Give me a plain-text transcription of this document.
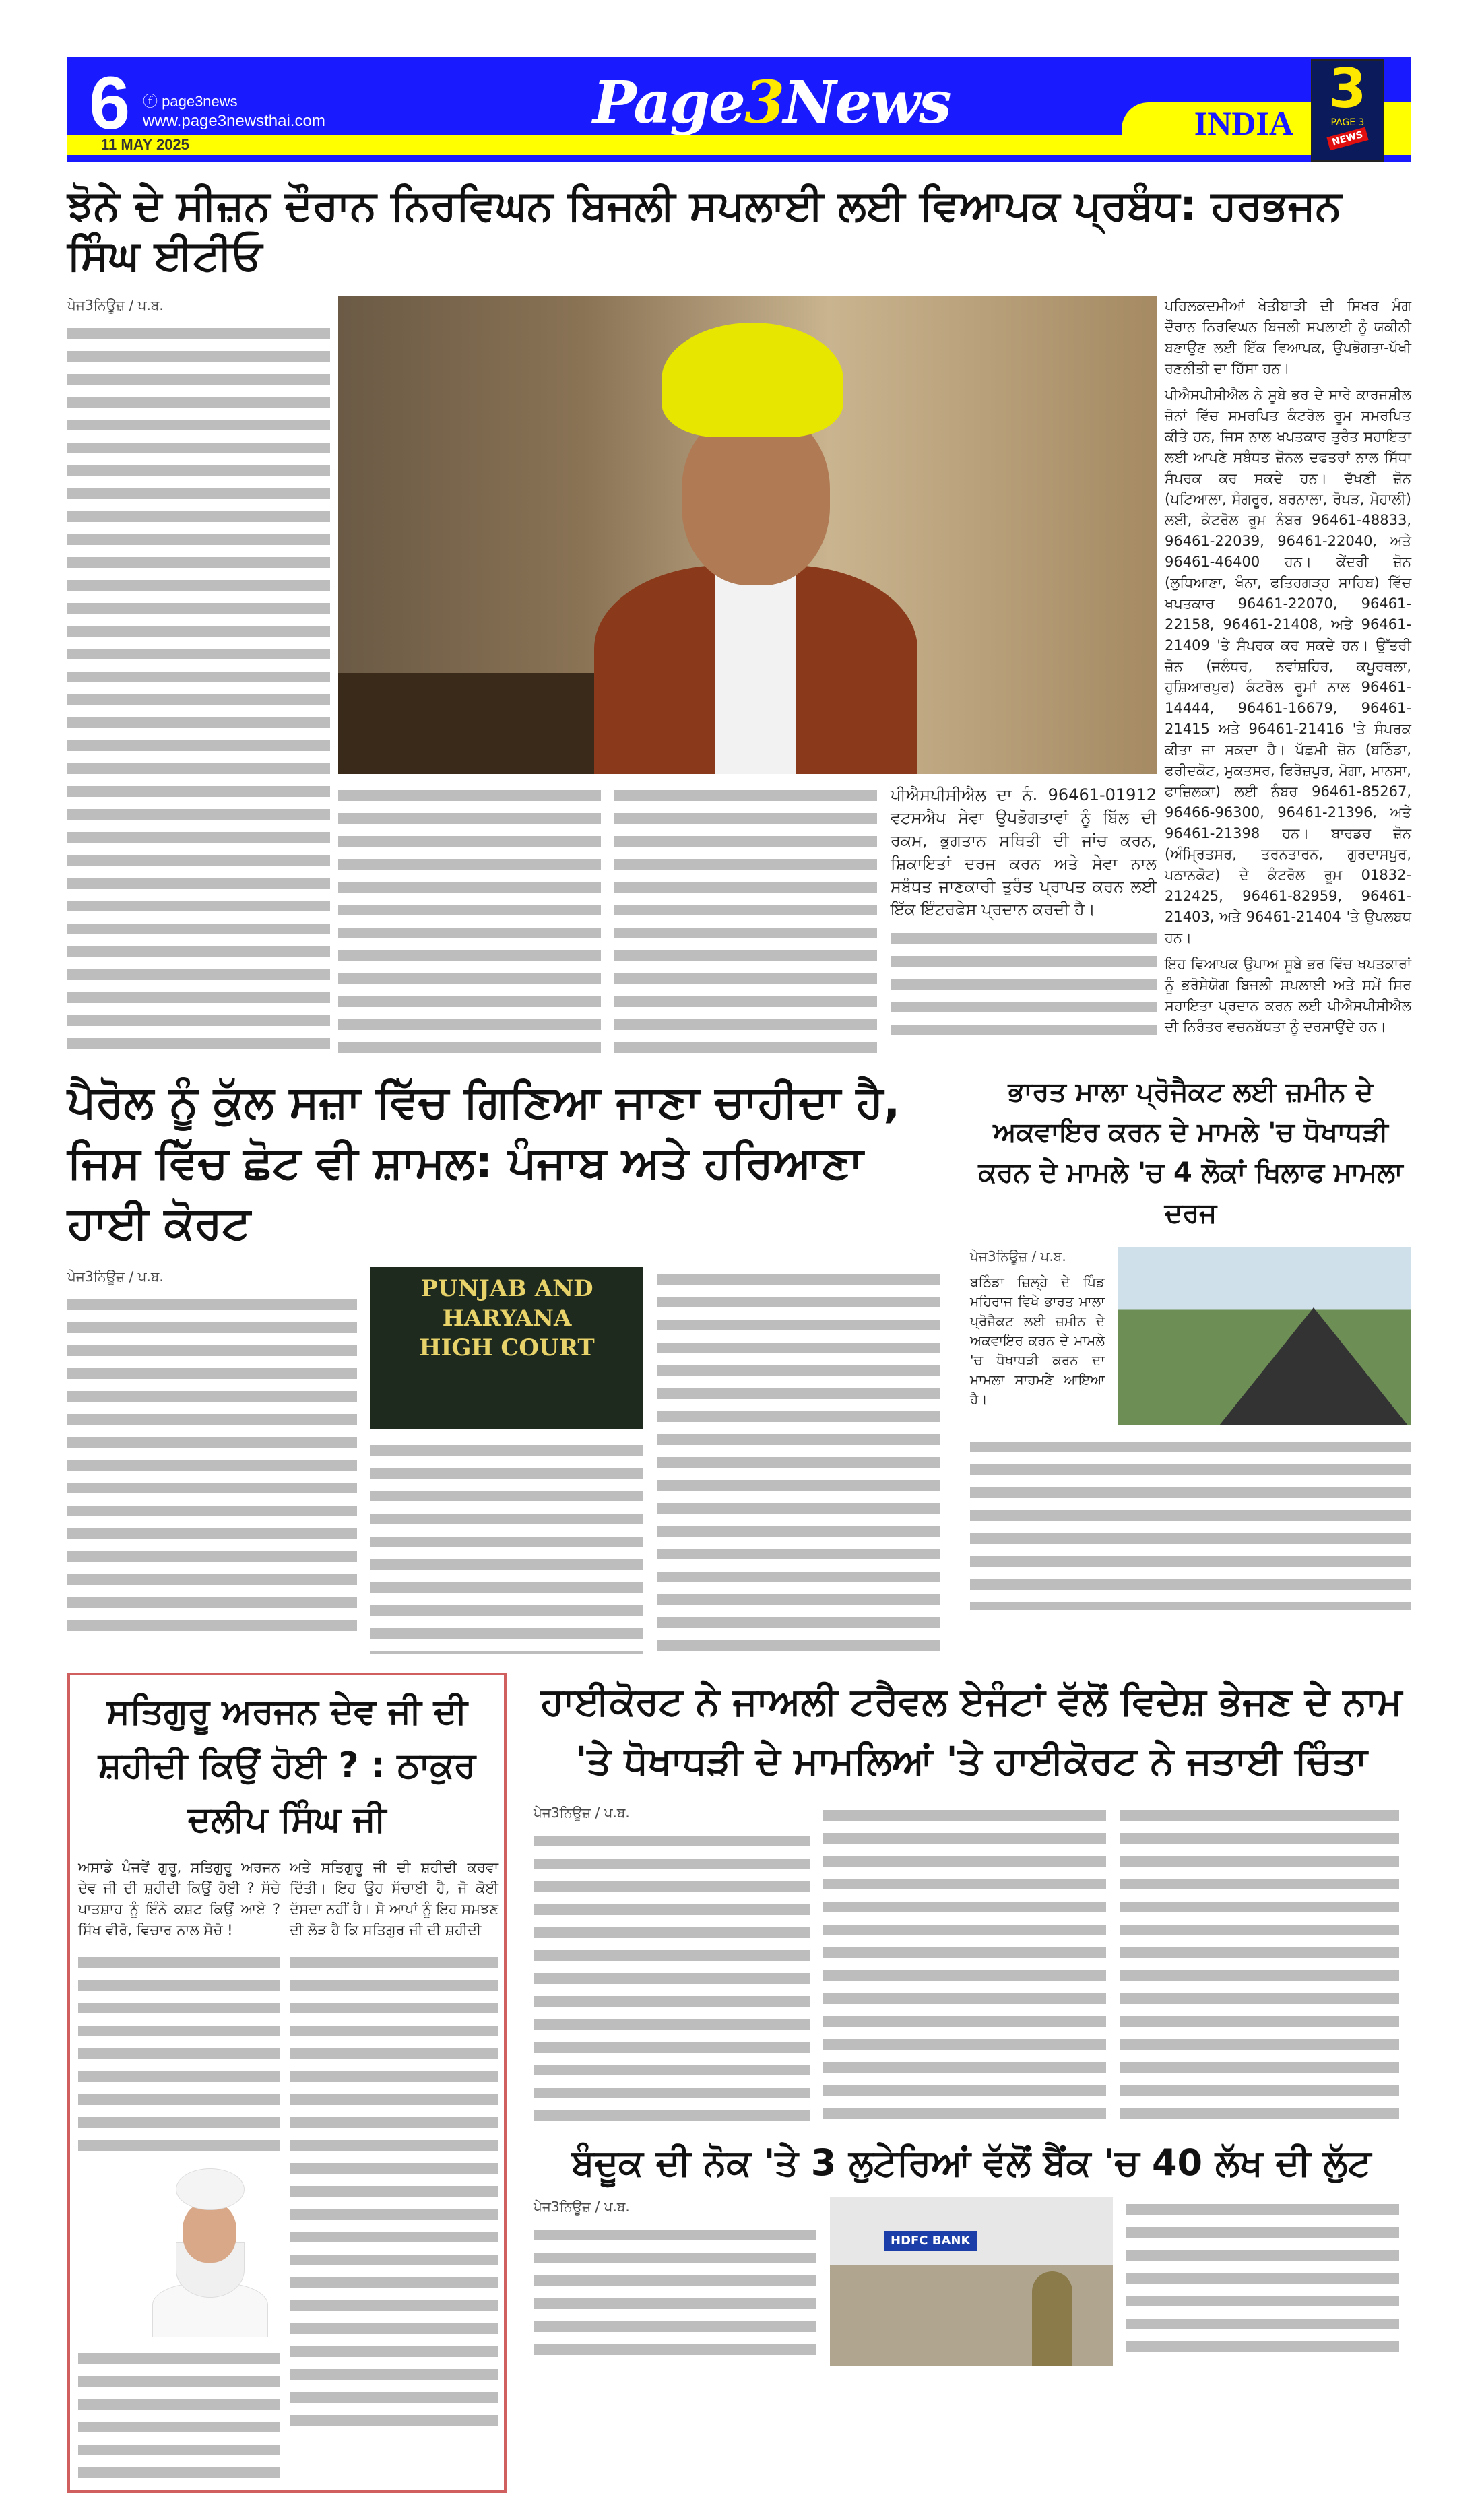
6 ⓕ page3news
www.page3newsthai.com
11 MAY 2025
Page3News	INDIA
3
PAGE 3
NEWS
ਝੋਨੇ ਦੇ ਸੀਜ਼ਨ ਦੌਰਾਨ ਨਿਰਵਿਘਨ ਬਿਜਲੀ ਸਪਲਾਈ ਲਈ ਵਿਆਪਕ ਪ੍ਰਬੰਧ: ਹਰਭਜਨ ਸਿੰਘ ਈਟੀਓ
ਪੇਜ3ਨਿਊਜ਼ / ਪ.ਬ.

ਪੀਐਸਪੀਸੀਐਲ ਦਾ ਨੰ. 96461-01912 ਵਟਸਐਪ ਸੇਵਾ ਉਪਭੋਗਤਾਵਾਂ ਨੂੰ ਬਿੱਲ ਦੀ ਰਕਮ, ਭੁਗਤਾਨ ਸਥਿਤੀ ਦੀ ਜਾਂਚ ਕਰਨ, ਸ਼ਿਕਾਇਤਾਂ ਦਰਜ ਕਰਨ ਅਤੇ ਸੇਵਾ ਨਾਲ ਸਬੰਧਤ ਜਾਣਕਾਰੀ ਤੁਰੰਤ ਪ੍ਰਾਪਤ ਕਰਨ ਲਈ ਇੱਕ ਇੰਟਰਫੇਸ ਪ੍ਰਦਾਨ ਕਰਦੀ ਹੈ।

ਪਹਿਲਕਦਮੀਆਂ ਖੇਤੀਬਾੜੀ ਦੀ ਸਿਖਰ ਮੰਗ ਦੌਰਾਨ ਨਿਰਵਿਘਨ ਬਿਜਲੀ ਸਪਲਾਈ ਨੂੰ ਯਕੀਨੀ ਬਣਾਉਣ ਲਈ ਇੱਕ ਵਿਆਪਕ, ਉਪਭੋਗਤਾ-ਪੱਖੀ ਰਣਨੀਤੀ ਦਾ ਹਿੱਸਾ ਹਨ।

ਪੀਐਸਪੀਸੀਐਲ ਨੇ ਸੂਬੇ ਭਰ ਦੇ ਸਾਰੇ ਕਾਰਜਸ਼ੀਲ ਜ਼ੋਨਾਂ ਵਿੱਚ ਸਮਰਪਿਤ ਕੰਟਰੋਲ ਰੂਮ ਸਮਰਪਿਤ ਕੀਤੇ ਹਨ, ਜਿਸ ਨਾਲ ਖਪਤਕਾਰ ਤੁਰੰਤ ਸਹਾਇਤਾ ਲਈ ਆਪਣੇ ਸਬੰਧਤ ਜ਼ੋਨਲ ਦਫਤਰਾਂ ਨਾਲ ਸਿੱਧਾ ਸੰਪਰਕ ਕਰ ਸਕਦੇ ਹਨ। ਦੱਖਣੀ ਜ਼ੋਨ (ਪਟਿਆਲਾ, ਸੰਗਰੂਰ, ਬਰਨਾਲਾ, ਰੋਪੜ, ਮੋਹਾਲੀ) ਲਈ, ਕੰਟਰੋਲ ਰੂਮ ਨੰਬਰ 96461-48833, 96461-22039, 96461-22040, ਅਤੇ 96461-46400 ਹਨ। ਕੇਂਦਰੀ ਜ਼ੋਨ (ਲੁਧਿਆਣਾ, ਖੰਨਾ, ਫਤਿਹਗੜ੍ਹ ਸਾਹਿਬ) ਵਿੱਚ ਖਪਤਕਾਰ 96461-22070, 96461-22158, 96461-21408, ਅਤੇ 96461-21409 'ਤੇ ਸੰਪਰਕ ਕਰ ਸਕਦੇ ਹਨ। ਉੱਤਰੀ ਜ਼ੋਨ (ਜਲੰਧਰ, ਨਵਾਂਸ਼ਹਿਰ, ਕਪੂਰਥਲਾ, ਹੁਸ਼ਿਆਰਪੁਰ) ਕੰਟਰੋਲ ਰੂਮਾਂ ਨਾਲ 96461-14444, 96461-16679, 96461-21415 ਅਤੇ 96461-21416 'ਤੇ ਸੰਪਰਕ ਕੀਤਾ ਜਾ ਸਕਦਾ ਹੈ। ਪੱਛਮੀ ਜ਼ੋਨ (ਬਠਿੰਡਾ, ਫਰੀਦਕੋਟ, ਮੁਕਤਸਰ, ਫਿਰੋਜ਼ਪੁਰ, ਮੋਗਾ, ਮਾਨਸਾ, ਫਾਜ਼ਿਲਕਾ) ਲਈ ਨੰਬਰ 96461-85267, 96466-96300, 96461-21396, ਅਤੇ 96461-21398 ਹਨ। ਬਾਰਡਰ ਜ਼ੋਨ (ਅੰਮ੍ਰਿਤਸਰ, ਤਰਨਤਾਰਨ, ਗੁਰਦਾਸਪੁਰ, ਪਠਾਨਕੋਟ) ਦੇ ਕੰਟਰੋਲ ਰੂਮ 01832-212425, 96461-82959, 96461-21403, ਅਤੇ 96461-21404 'ਤੇ ਉਪਲਬਧ ਹਨ।

ਇਹ ਵਿਆਪਕ ਉਪਾਅ ਸੂਬੇ ਭਰ ਵਿੱਚ ਖਪਤਕਾਰਾਂ ਨੂੰ ਭਰੋਸੇਯੋਗ ਬਿਜਲੀ ਸਪਲਾਈ ਅਤੇ ਸਮੇਂ ਸਿਰ ਸਹਾਇਤਾ ਪ੍ਰਦਾਨ ਕਰਨ ਲਈ ਪੀਐਸਪੀਸੀਐਲ ਦੀ ਨਿਰੰਤਰ ਵਚਨਬੱਧਤਾ ਨੂੰ ਦਰਸਾਉਂਦੇ ਹਨ।

ਪੈਰੋਲ ਨੂੰ ਕੁੱਲ ਸਜ਼ਾ ਵਿੱਚ ਗਿਣਿਆ ਜਾਣਾ ਚਾਹੀਦਾ ਹੈ, ਜਿਸ ਵਿੱਚ ਛੋਟ ਵੀ ਸ਼ਾਮਲ: ਪੰਜਾਬ ਅਤੇ ਹਰਿਆਣਾ ਹਾਈ ਕੋਰਟ
ਪੇਜ3ਨਿਊਜ਼ / ਪ.ਬ.	PUNJAB AND HARYANA HIGH COURT
ਭਾਰਤ ਮਾਲਾ ਪ੍ਰੋਜੈਕਟ ਲਈ ਜ਼ਮੀਨ ਦੇ ਅਕਵਾਇਰ ਕਰਨ ਦੇ ਮਾਮਲੇ 'ਚ ਧੋਖਾਧੜੀ ਕਰਨ ਦੇ ਮਾਮਲੇ 'ਚ 4 ਲੋਕਾਂ ਖਿਲਾਫ ਮਾਮਲਾ ਦਰਜ
ਪੇਜ3ਨਿਊਜ਼ / ਪ.ਬ.

ਬਠਿੰਡਾ ਜ਼ਿਲ੍ਹੇ ਦੇ ਪਿੰਡ ਮਹਿਰਾਜ ਵਿਖੇ ਭਾਰਤ ਮਾਲਾ ਪ੍ਰੋਜੈਕਟ ਲਈ ਜ਼ਮੀਨ ਦੇ ਅਕਵਾਇਰ ਕਰਨ ਦੇ ਮਾਮਲੇ 'ਚ ਧੋਖਾਧੜੀ ਕਰਨ ਦਾ ਮਾਮਲਾ ਸਾਹਮਣੇ ਆਇਆ ਹੈ।

ਸਤਿਗੁਰੂ ਅਰਜਨ ਦੇਵ ਜੀ ਦੀ ਸ਼ਹੀਦੀ ਕਿਉਂ ਹੋਈ ? : ਠਾਕੁਰ ਦਲੀਪ ਸਿੰਘ ਜੀ

ਅਸਾਡੇ ਪੰਜਵੇਂ ਗੁਰੂ, ਸਤਿਗੁਰੂ ਅਰਜਨ ਦੇਵ ਜੀ ਦੀ ਸ਼ਹੀਦੀ ਕਿਉਂ ਹੋਈ ? ਸੱਚੇ ਪਾਤਸ਼ਾਹ ਨੂੰ ਇੰਨੇ ਕਸ਼ਟ ਕਿਉਂ ਆਏ ? ਸਿੱਖ ਵੀਰੋ, ਵਿਚਾਰ ਨਾਲ ਸੋਚੋ !

ਅਤੇ ਸਤਿਗੁਰੂ ਜੀ ਦੀ ਸ਼ਹੀਦੀ ਕਰਵਾ ਦਿੱਤੀ। ਇਹ ਉਹ ਸੱਚਾਈ ਹੈ, ਜੋ ਕੋਈ ਦੱਸਦਾ ਨਹੀਂ ਹੈ। ਸੋ ਆਪਾਂ ਨੂੰ ਇਹ ਸਮਝਣ ਦੀ ਲੋੜ ਹੈ ਕਿ ਸਤਿਗੁਰ ਜੀ ਦੀ ਸ਼ਹੀਦੀ

ਹਾਈਕੋਰਟ ਨੇ ਜਾਅਲੀ ਟਰੈਵਲ ਏਜੰਟਾਂ ਵੱਲੋਂ ਵਿਦੇਸ਼ ਭੇਜਣ ਦੇ ਨਾਮ 'ਤੇ ਧੋਖਾਧੜੀ ਦੇ ਮਾਮਲਿਆਂ 'ਤੇ ਹਾਈਕੋਰਟ ਨੇ ਜਤਾਈ ਚਿੰਤਾ
ਪੇਜ3ਨਿਊਜ਼ / ਪ.ਬ.
ਬੰਦੂਕ ਦੀ ਨੋਕ 'ਤੇ 3 ਲੁਟੇਰਿਆਂ ਵੱਲੋਂ ਬੈਂਕ 'ਚ 40 ਲੱਖ ਦੀ ਲੁੱਟ
ਪੇਜ3ਨਿਊਜ਼ / ਪ.ਬ.
HDFC BANK
